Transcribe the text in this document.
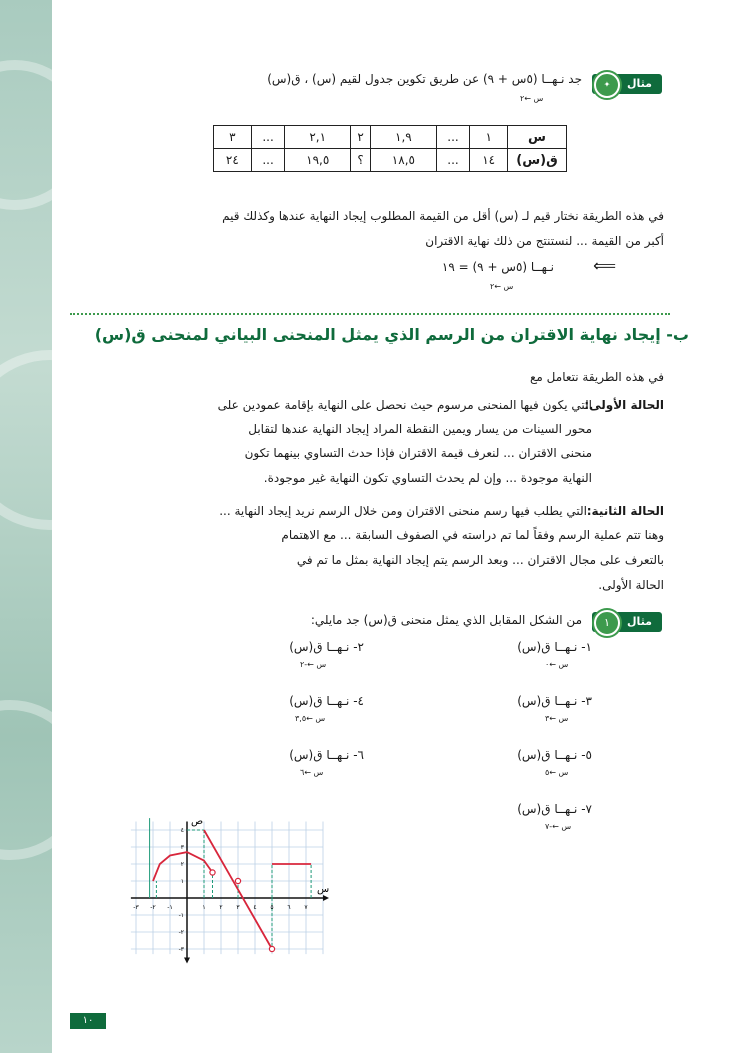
مثال
✦
جد نـهــا (٥س + ٩) عن طريق تكوين جدول لقيم (س) ، ق(س)
س ←٢
س	١	...	١,٩	٢	٢,١	...	٣
ق(س)	١٤	...	١٨,٥	؟	١٩,٥	...	٢٤
في هذه الطريقة نختار قيم لـ (س) أقل من القيمة المطلوب إيجاد النهاية عندها وكذلك قيم
أكبر من القيمة ... لنستنتج من ذلك نهاية الاقتران
⟸
نـهــا (٥س + ٩) = ١٩
س ←٢
ب- إيجاد نهاية الاقتران من الرسم الذي يمثل المنحنى البياني لمنحنى ق(س)
في هذه الطريقة نتعامل مع
الحالة الأولى:
التي يكون فيها المنحنى مرسوم حيث نحصل على النهاية بإقامة عمودين على
محور السينات من يسار ويمين النقطة المراد إيجاد النهاية عندها لتقابل
منحنى الاقتران ... لنعرف قيمة الاقتران فإذا حدث التساوي بينهما تكون
النهاية موجودة ... وإن لم يحدث التساوي تكون النهاية غير موجودة.
الحالة الثانية:
التي يطلب فيها رسم منحنى الاقتران ومن خلال الرسم نريد إيجاد النهاية ...
وهنا تتم عملية الرسم وفقاً لما تم دراسته في الصفوف السابقة ... مع الاهتمام
بالتعرف على مجال الاقتران ... وبعد الرسم يتم إيجاد النهاية بمثل ما تم في
الحالة الأولى.
مثال
١
من الشكل المقابل الذي يمثل منحنى ق(س) جد مايلي:
١- نـهــا ق(س)
س ←٠
٢- نـهــا ق(س)
س ←-٢
٣- نـهــا ق(س)
س ←٣
٤- نـهــا ق(س)
س ←٣,٥
٥- نـهــا ق(س)
س ←٥
٦- نـهــا ق(س)
س ←٦
٧- نـهــا ق(س)
س ←-٧
-٣ -٢ -١	١ ٢ ٣ ٤ ٥ ٦ ٧
٤
٣
٢
١
-١
-٢
-٣
س
ص
١٠
